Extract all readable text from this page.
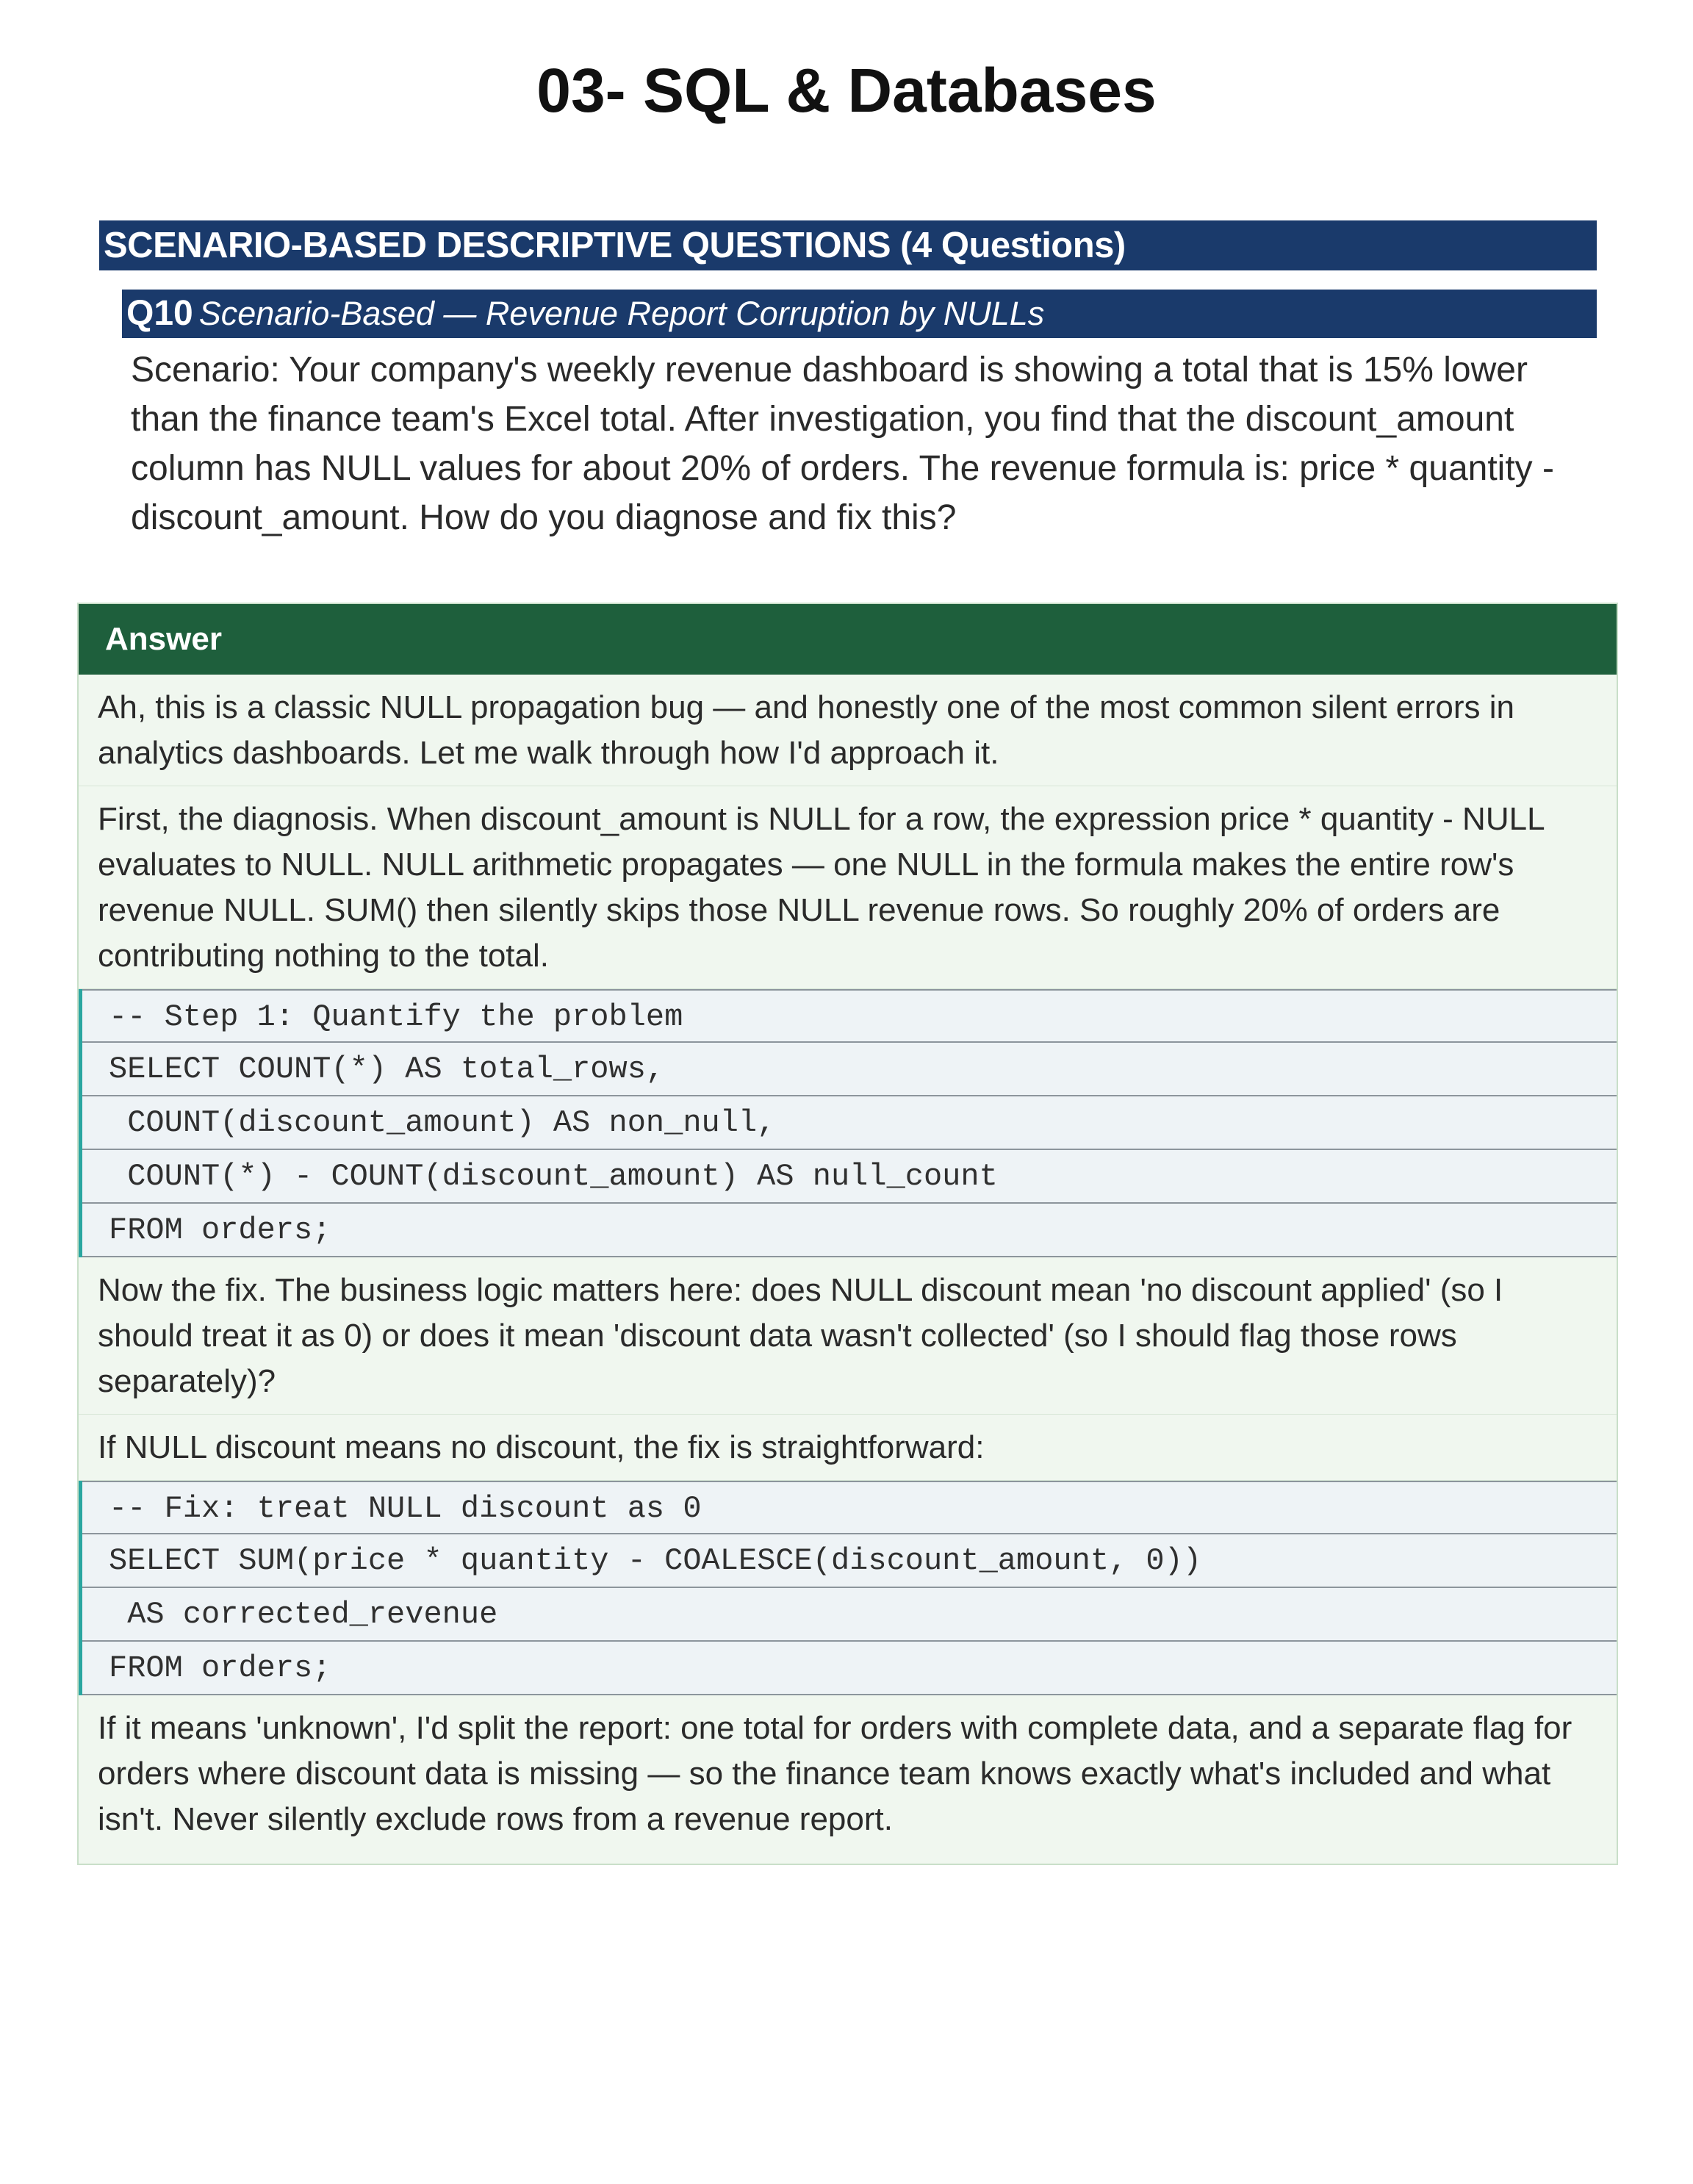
03- SQL & Databases
SCENARIO-BASED DESCRIPTIVE QUESTIONS (4 Questions)
Q10 Scenario-Based — Revenue Report Corruption by NULLs
Scenario: Your company's weekly revenue dashboard is showing a total that is 15% lower than the finance team's Excel total. After investigation, you find that the discount_amount column has NULL values for about 20% of orders. The revenue formula is: price * quantity - discount_amount. How do you diagnose and fix this?
Answer
Ah, this is a classic NULL propagation bug — and honestly one of the most common silent errors in analytics dashboards. Let me walk through how I'd approach it.
First, the diagnosis. When discount_amount is NULL for a row, the expression price * quantity - NULL evaluates to NULL. NULL arithmetic propagates — one NULL in the formula makes the entire row's revenue NULL. SUM() then silently skips those NULL revenue rows. So roughly 20% of orders are contributing nothing to the total.
-- Step 1: Quantify the problem
SELECT COUNT(*) AS total_rows,
COUNT(discount_amount) AS non_null,
COUNT(*) - COUNT(discount_amount) AS null_count
FROM orders;
Now the fix. The business logic matters here: does NULL discount mean 'no discount applied' (so I should treat it as 0) or does it mean 'discount data wasn't collected' (so I should flag those rows separately)?
If NULL discount means no discount, the fix is straightforward:
-- Fix: treat NULL discount as 0
SELECT SUM(price * quantity - COALESCE(discount_amount, 0))
AS corrected_revenue
FROM orders;
If it means 'unknown', I'd split the report: one total for orders with complete data, and a separate flag for orders where discount data is missing — so the finance team knows exactly what's included and what isn't. Never silently exclude rows from a revenue report.
